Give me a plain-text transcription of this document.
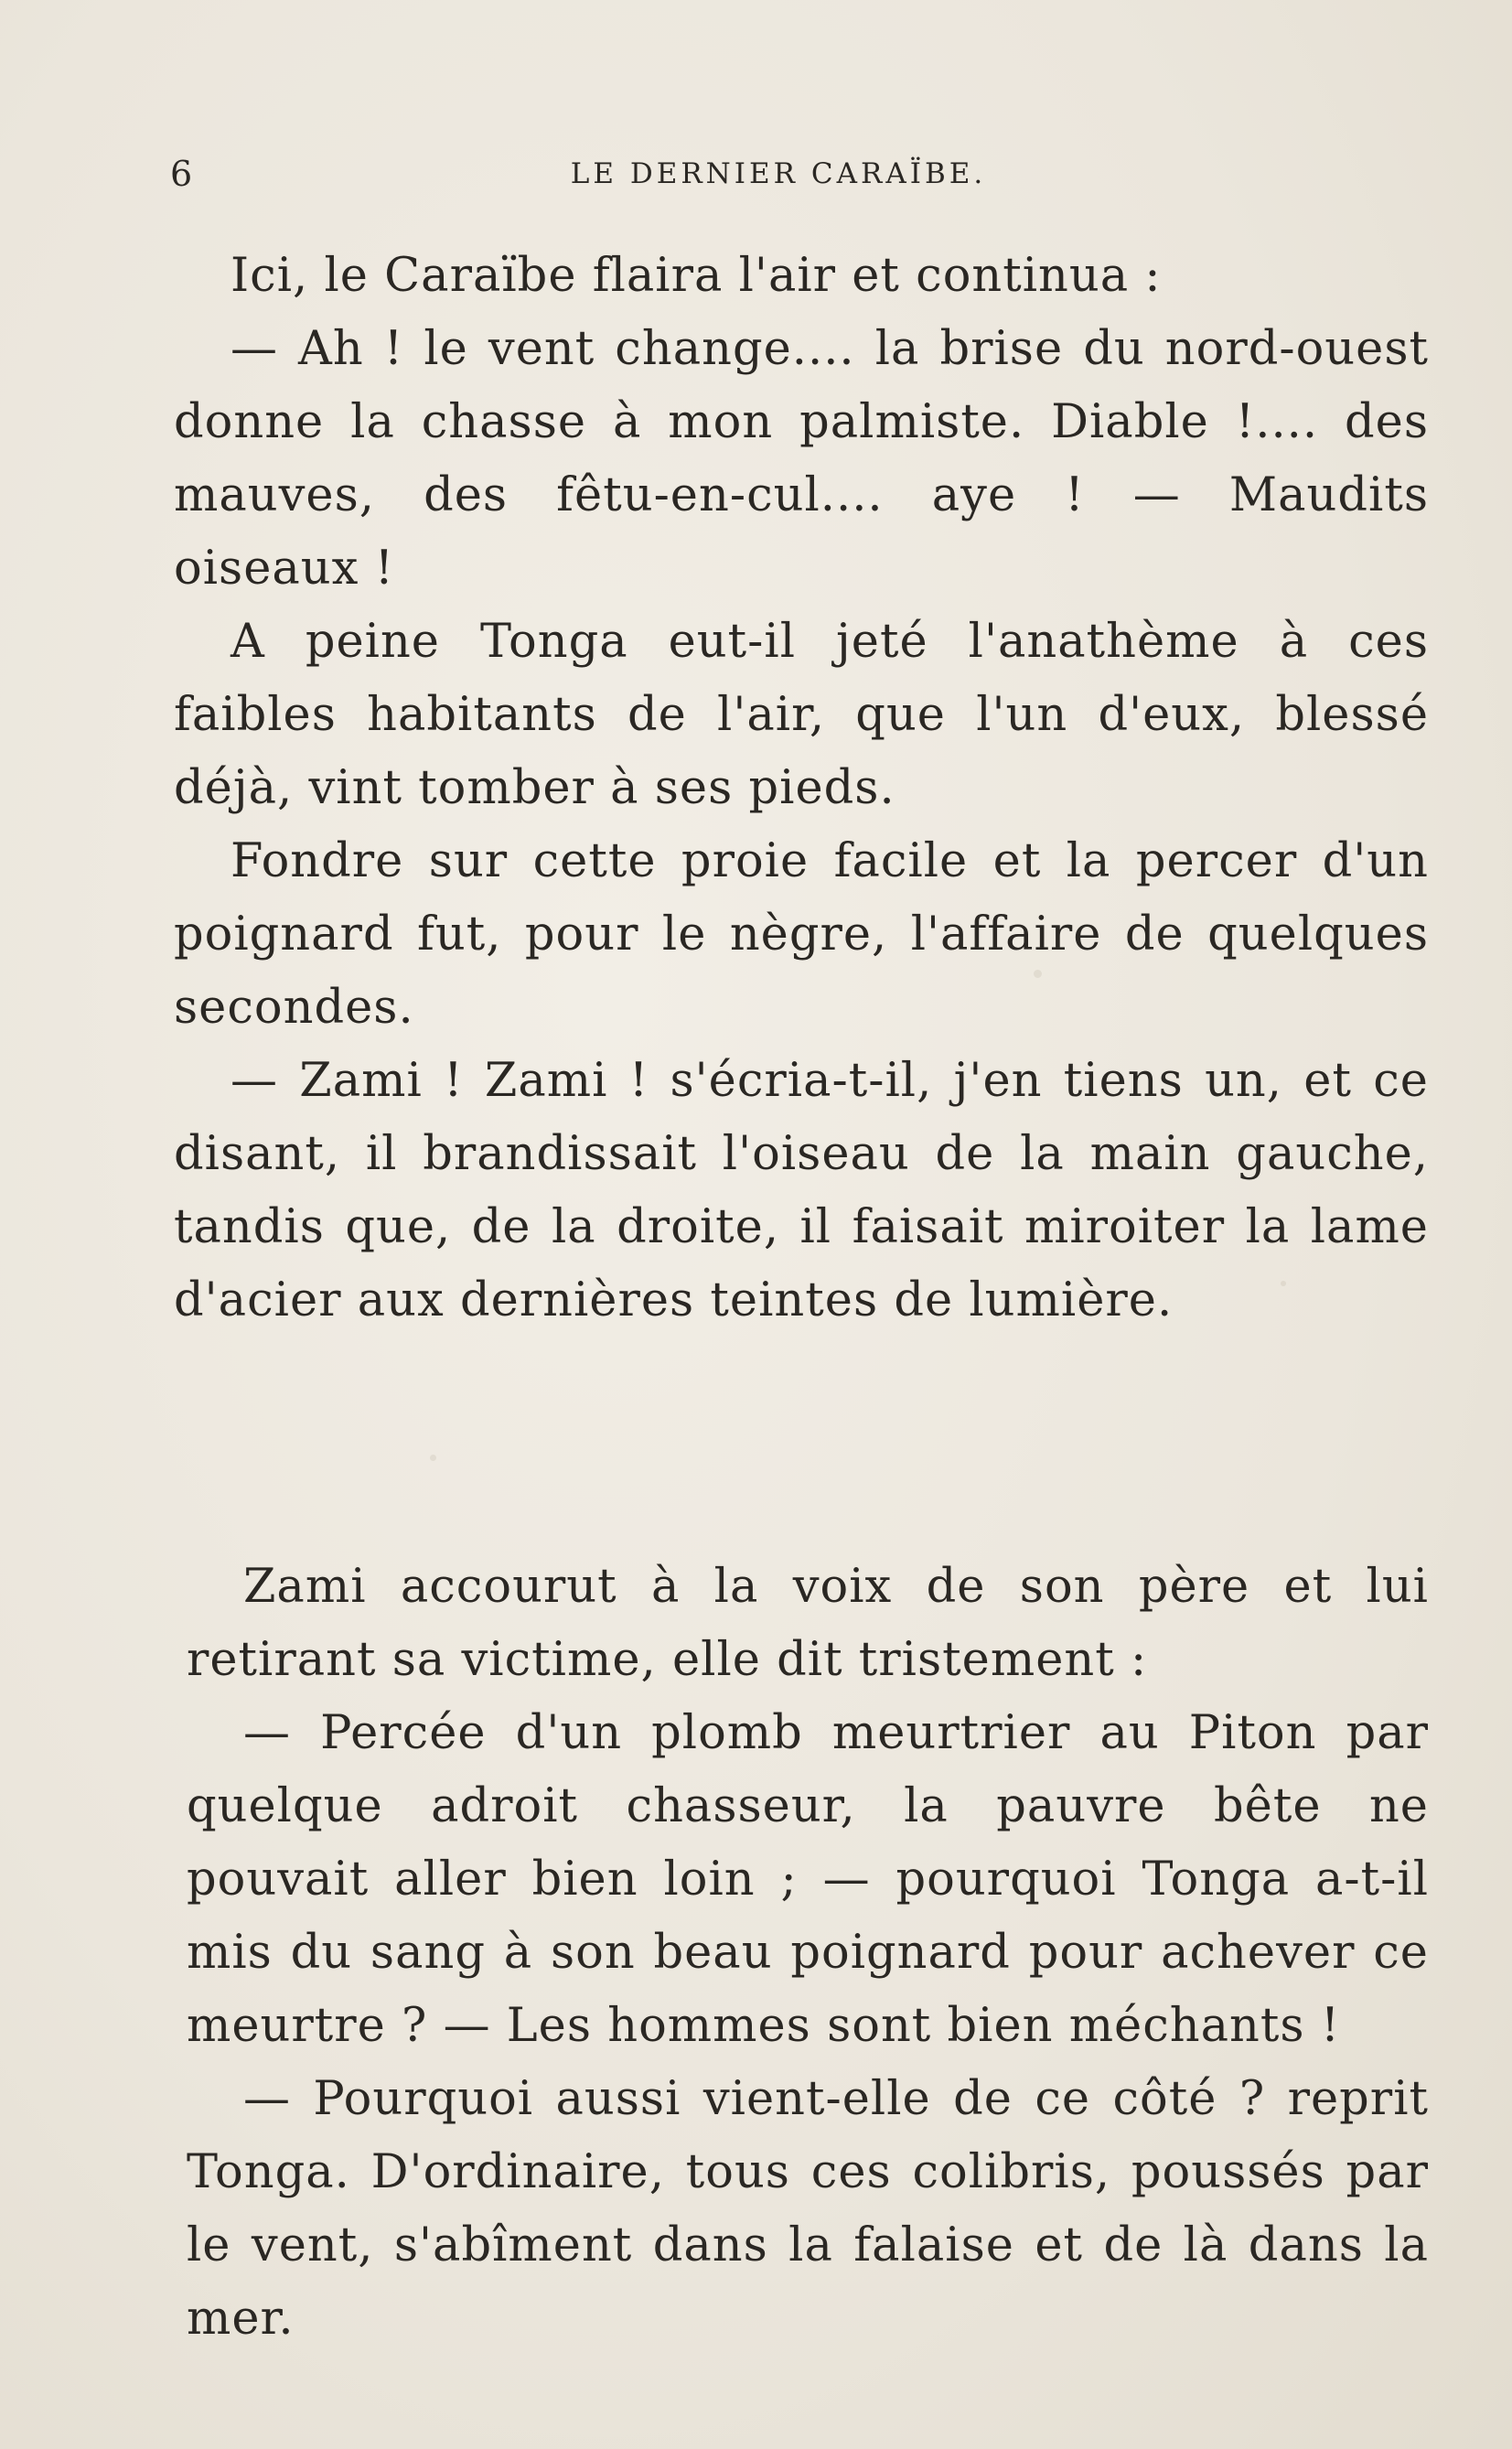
6	LE DERNIER CARAÏBE.

Ici, le Caraïbe flaira l'air et continua :

— Ah ! le vent change.... la brise du nord-ouest donne la chasse à mon palmiste. Diable !.... des mauves, des fêtu-en-cul.... aye ! — Maudits oiseaux !

A peine Tonga eut-il jeté l'anathème à ces faibles habitants de l'air, que l'un d'eux, blessé déjà, vint tomber à ses pieds.

Fondre sur cette proie facile et la percer d'un poignard fut, pour le nègre, l'affaire de quelques secondes.

— Zami ! Zami ! s'écria-t-il, j'en tiens un, et ce disant, il brandissait l'oiseau de la main gauche, tandis que, de la droite, il faisait miroiter la lame d'acier aux dernières teintes de lumière.

Zami accourut à la voix de son père et lui retirant sa victime, elle dit tristement :

— Percée d'un plomb meurtrier au Piton par quelque adroit chasseur, la pauvre bête ne pouvait aller bien loin ; — pourquoi Tonga a-t-il mis du sang à son beau poignard pour achever ce meurtre ? — Les hommes sont bien méchants !

— Pourquoi aussi vient-elle de ce côté ? reprit Tonga. D'ordinaire, tous ces colibris, poussés par le vent, s'abîment dans la falaise et de là dans la mer.
